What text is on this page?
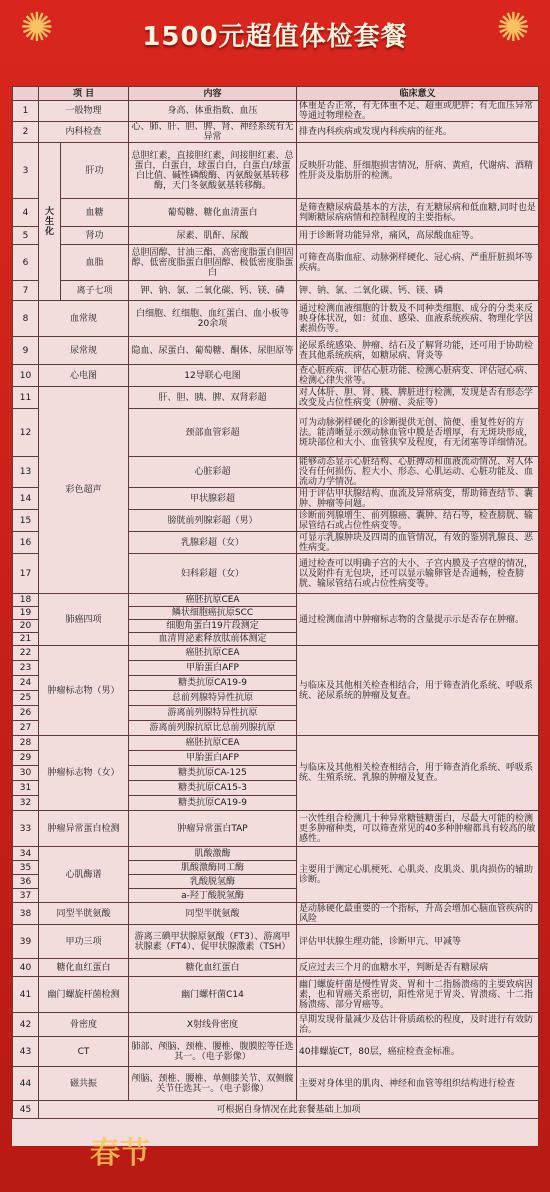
✺	✺
1500元超值体检套餐
	项 目		内容	临床意义
1	一般物理		身高、体重指数、血压	体重是否正常，有无体重不足、超重或肥胖；有无血压异常等通过物理检查。
2	内科检查		心、肺、肝、胆、脾、肾、神经系统有无异常	排查内科疾病或发现内科疾病的征兆。
3	大生化	肝功	总胆红素，直接胆红素，间接胆红素、总蛋白，白蛋白，球蛋白白，白蛋白/球蛋白比值、碱性磷酸酶、丙氨酸氨基转移酶，天门冬氨酸氨基转移酶。	反映肝功能、肝细胞损害情况，肝病、黄疸，代谢病、酒精性肝炎及脂肪肝的检测。
4		血糖	葡萄糖、糖化血清蛋白	是筛查糖尿病最基本的方法，有无糖尿病和低血糖,同时也是判断糖尿病病情和控制程度的主要指标。
5		肾功	尿素、肌酐、尿酸	用于诊断肾功能异常，痛风，高尿酸血症等。
6		血脂	总胆固醇、甘油三酯、高密度脂蛋白胆固醇、低密度脂蛋白胆固醇、极低密度脂蛋白	可筛查高脂血症、动脉粥样硬化、冠心病、严重肝脏损坏等疾病。
7		离子七项	钾、钠、氯、二氧化碳、钙、镁、磷	钾、钠、氯、二氧化碳、钙、镁、磷
8	血常规		白细胞、红细胞、血红蛋白、血小板等20余项	通过检测血液细胞的计数及不同种类细胞、成分的分类来反映身体状况，如：贫血、感染、血液系统疾病、物理化学因素损伤等。
9	尿常规		隐血、尿蛋白、葡萄糖、酮体、尿胆原等	泌尿系统感染、肿瘤、结石及了解肾功能，还可用于协助检查其他系统疾病，如糖尿病、肾炎等
10	心电图		12导联心电图	查心脏疾病、评估心脏功能、检测心脏病变、评估冠心病、检测心律失常等。
11	彩色超声		肝、胆、胰、脾、双肾彩超	对人体肝、胆、肾、胰、脾脏进行检测，发现是否有形态学改变及占位性病变（肿瘤、炎症等）
12			颈部血管彩超	可为动脉粥样硬化的诊断提供无创、简便、重复性好的方法。能清晰显示颈动脉血管中膜是否增厚，有无斑块形成，斑块部位和大小、血管狭窄及程度，有无闭塞等详细情况。
13			心脏彩超	能够动态显示心脏结构、心脏搏动和血液流动情况、对人体没有任何损伤、腔大小、形态、心肌运动、心脏功能及、血流动力学情况。
14			甲状腺彩超	用于评估甲状腺结构、血流及异常病变，帮助筛查结节、囊肿、肿瘤等问题。
15			膀胱前列腺彩超（男）	诊断前列腺增生、前列腺癌、囊肿、结石等，检查膀胱、输尿管结石或占位性病变等。
16			乳腺彩超（女）	可显示乳腺肿块及四周的血管情况，有效的鉴别乳腺良、恶性病变。
17			妇科彩超（女）	通过检查可以明确子宫的大小、子宫内膜及子宫壁的情况，以及附件有无包块，还可以显示输卵管是否通畅，检查膀胱、输尿管结石或占位性病变等。
18	肺癌四项		癌胚抗原CEA	通过检测血清中肿瘤标志物的含量提示示是否存在肿瘤。
19			鳞状细胞癌抗原SCC	
20			细胞角蛋白19片段测定	
21			血清胃泌素释放肽前体测定	
22	肿瘤标志物（男）		癌胚抗原CEA	与临床及其他相关检查相结合，用于筛查消化系统、呼吸系统、泌尿系统的肿瘤及复查。
23			甲胎蛋白AFP	
24			糖类抗原CA19-9	
25			总前列腺特异性抗原	
26			游离前列腺特异性抗原	
27			游离前列腺抗原比总前列腺抗原	
28	肿瘤标志物（女）		癌胚抗原CEA	与临床及其他相关检查相结合，用于筛查消化系统、呼吸系统、生殖系统、乳腺的肿瘤及复查。
29			甲胎蛋白AFP	
30			糖类抗原CA-125	
31			糖类抗原CA15-3	
32			糖类抗原CA19-9	
33	肿瘤异常蛋白检测		肿瘤异常蛋白TAP	一次性组合检测几十种异常糖链糖蛋白，尽最大可能的检测更多肿瘤种类，可以筛查常见的40多种肿瘤都具有较高的敏感性。
34	心肌酶谱		肌酸激酶	主要用于测定心肌梗死、心肌炎、皮肌炎、肌肉损伤的辅助诊断。
35			肌酸激酶同工酶	
36			乳酸脱氢酶	
37			a-羟丁酸脱氢酶	
38	同型半胱氨酸		同型半胱氨酸	是动脉硬化最重要的一个指标，升高会增加心脑血管疾病的风险
39	甲功三项		游离三碘甲状腺原氨酸（FT3）、游离甲状腺素（FT4）、促甲状腺激素（TSH）	评估甲状腺生理功能，诊断甲亢、甲减等
40	糖化血红蛋白		糖化血红蛋白	反应过去三个月的血糖水平，判断是否有糖尿病
41	幽门螺旋杆菌检测		幽门螺杆菌C14	幽门螺旋杆菌是慢性胃炎、胃和十二指肠溃疡的主要致病因素，也和胃癌关系密切，阳性常见于胃炎、胃溃疡、十二指肠溃疡、部分胃癌等。
42	骨密度		X射线骨密度	早期发现骨量减少及估计骨质疏松的程度，及时进行有效防治。
43	CT		肺部、颅脑、颈椎、腰椎、腹膜腔等任选其一。（电子影像）	40排螺旋CT，80层，癌症检查金标准。
44	磁共振		颅脑、颈椎、腰椎、单侧膝关节、双侧髋关节任选其一。（电子影像）	主要对身体里的肌肉、神经和血管等组织结构进行检查
45	可根据自身情况在此套餐基础上加项			
春节
